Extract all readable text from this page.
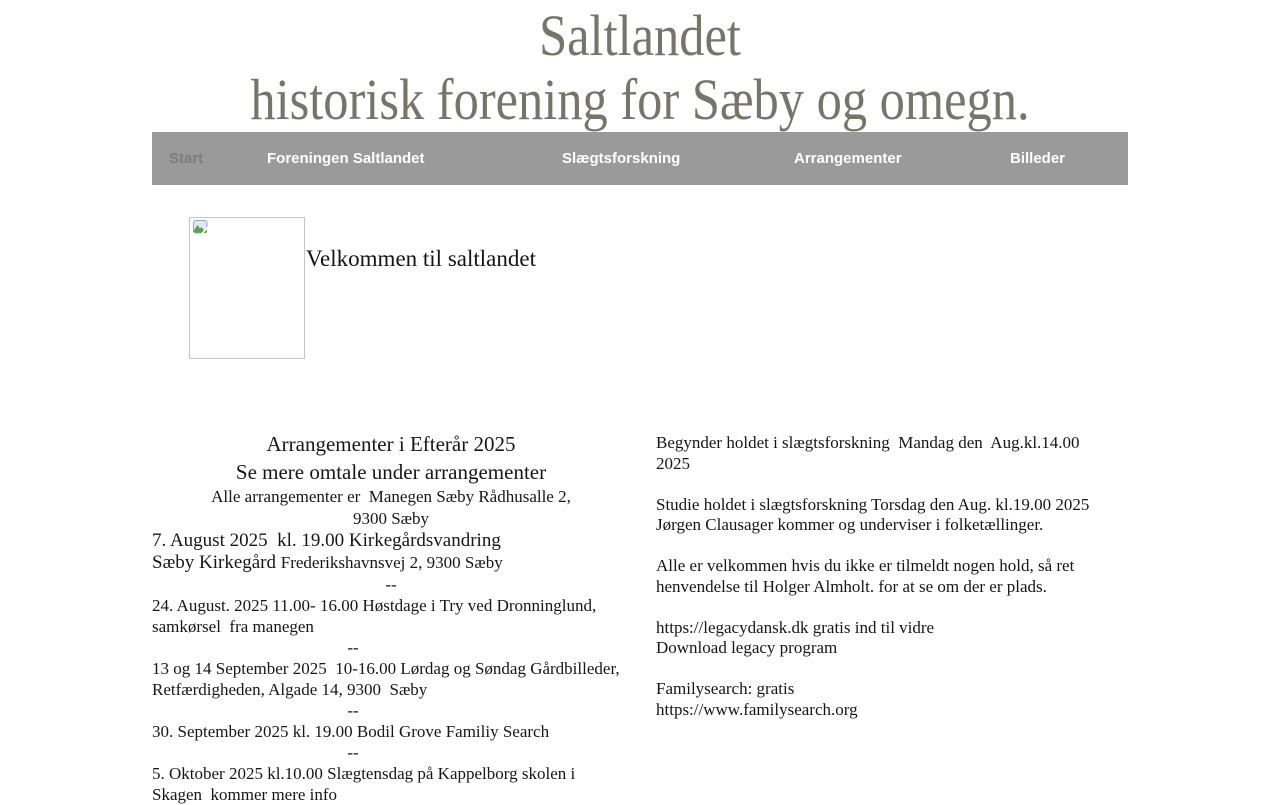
Saltlandet
historisk forening for Sæby og omegn.
Start	Foreningen Saltlandet	Slægtsforskning	Arrangementer	Billeder
Velkommen til saltlandet
Arrangementer i Efterår 2025
Se mere omtale under arrangementer
Alle arrangementer er  Manegen Sæby Rådhusalle 2,
9300 Sæby
7. August 2025  kl. 19.00 Kirkegårdsvandring
Sæby Kirkegård Frederikshavnsvej 2, 9300 Sæby
--
24. August. 2025 11.00- 16.00 Høstdage i Try ved Dronninglund,
samkørsel  fra manegen
--
13 og 14 September 2025  10-16.00 Lørdag og Søndag Gårdbilleder,
Retfærdigheden, Algade 14, 9300  Sæby
--
30. September 2025 kl. 19.00 Bodil Grove Familiy Search
--
5. Oktober 2025 kl.10.00 Slægtensdag på Kappelborg skolen i
Skagen  kommer mere info

Begynder holdet i slægtsforskning  Mandag den  Aug.kl.14.00
2025

Studie holdet i slægtsforskning Torsdag den Aug. kl.19.00 2025
Jørgen Clausager kommer og underviser i folketællinger.

Alle er velkommen hvis du ikke er tilmeldt nogen hold, så ret
henvendelse til Holger Almholt. for at se om der er plads.

https://legacydansk.dk gratis ind til vidre
Download legacy program

Familysearch: gratis
https://www.familysearch.org
